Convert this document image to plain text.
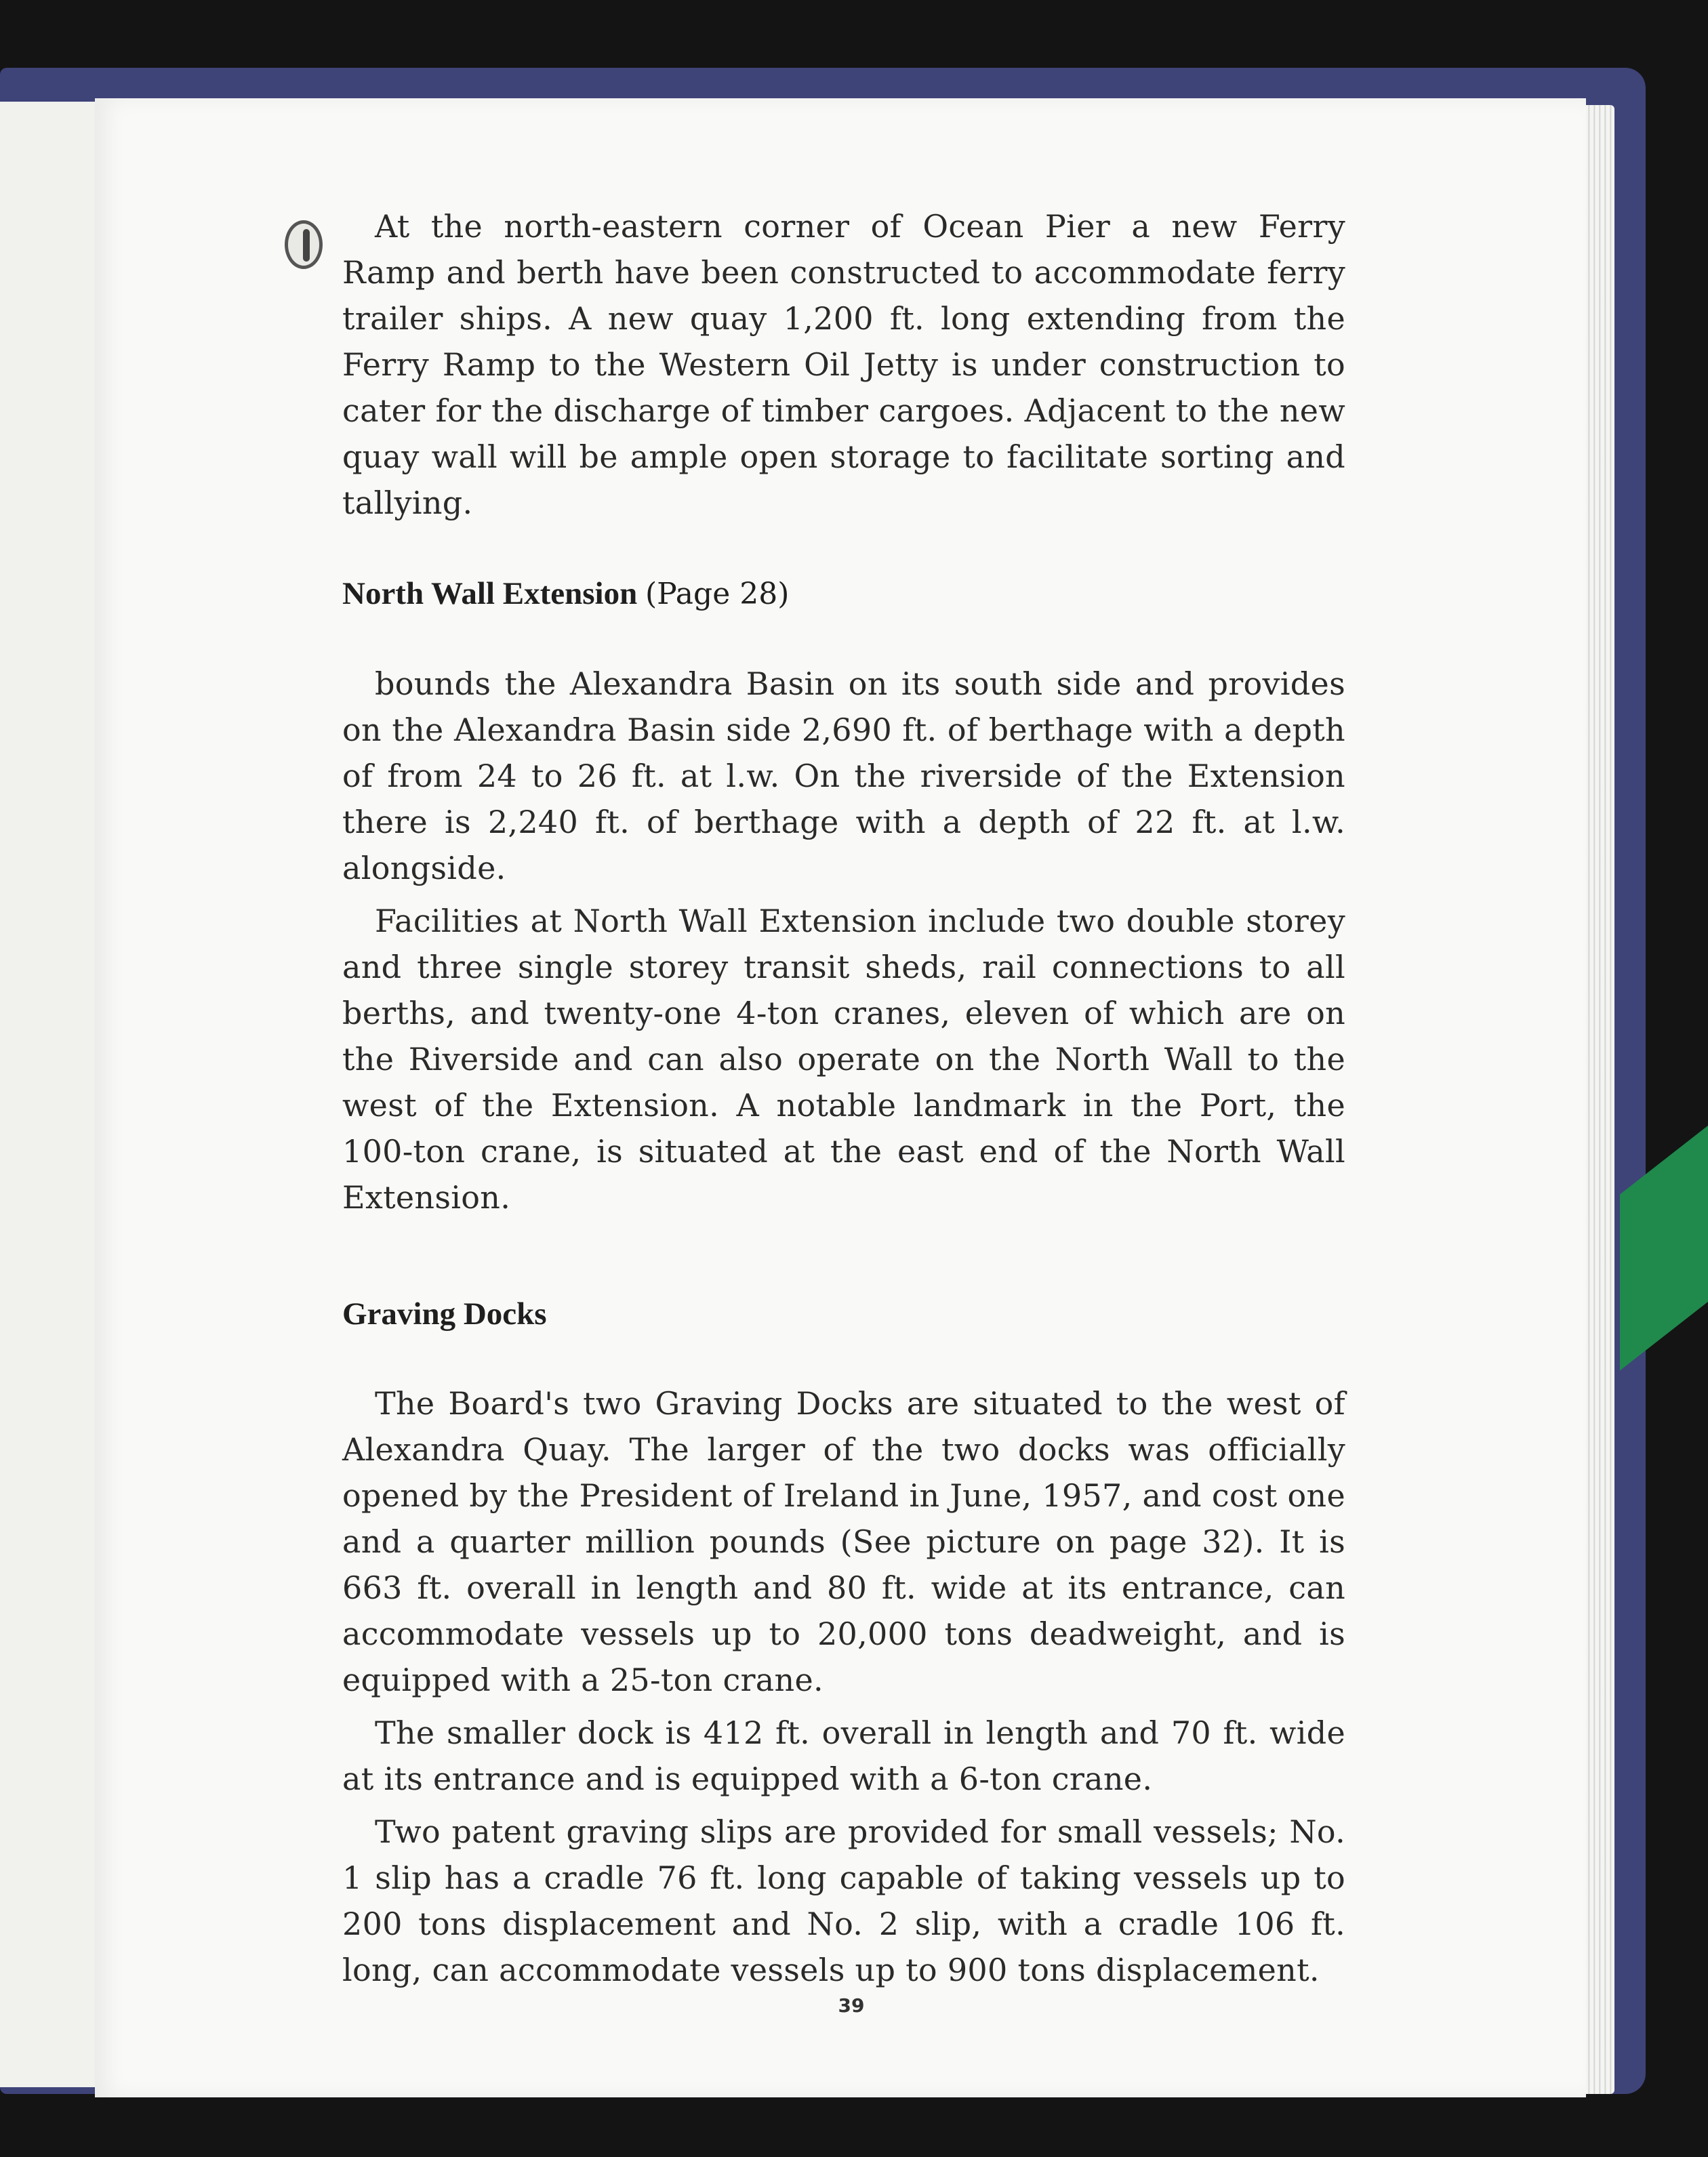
At the north-eastern corner of Ocean Pier a new Ferry Ramp and berth have been constructed to accommodate ferry trailer ships. A new quay 1,200 ft. long extending from the Ferry Ramp to the Western Oil Jetty is under construction to cater for the discharge of timber cargoes. Adjacent to the new quay wall will be ample open storage to facilitate sorting and tallying.

North Wall Extension (Page 28)

bounds the Alexandra Basin on its south side and provides on the Alexandra Basin side 2,690 ft. of berthage with a depth of from 24 to 26 ft. at l.w. On the riverside of the Extension there is 2,240 ft. of berthage with a depth of 22 ft. at l.w. alongside.

Facilities at North Wall Extension include two double storey and three single storey transit sheds, rail connections to all berths, and twenty-one 4-ton cranes, eleven of which are on the Riverside and can also operate on the North Wall to the west of the Extension. A notable landmark in the Port, the 100-ton crane, is situated at the east end of the North Wall Extension.

Graving Docks

The Board's two Graving Docks are situated to the west of Alexandra Quay. The larger of the two docks was officially opened by the President of Ireland in June, 1957, and cost one and a quarter million pounds (See picture on page 32). It is 663 ft. overall in length and 80 ft. wide at its entrance, can accommodate vessels up to 20,000 tons deadweight, and is equipped with a 25-ton crane.

The smaller dock is 412 ft. overall in length and 70 ft. wide at its entrance and is equipped with a 6-ton crane.

Two patent graving slips are provided for small vessels; No. 1 slip has a cradle 76 ft. long capable of taking vessels up to 200 tons displacement and No. 2 slip, with a cradle 106 ft. long, can accommodate vessels up to 900 tons displacement.

39
